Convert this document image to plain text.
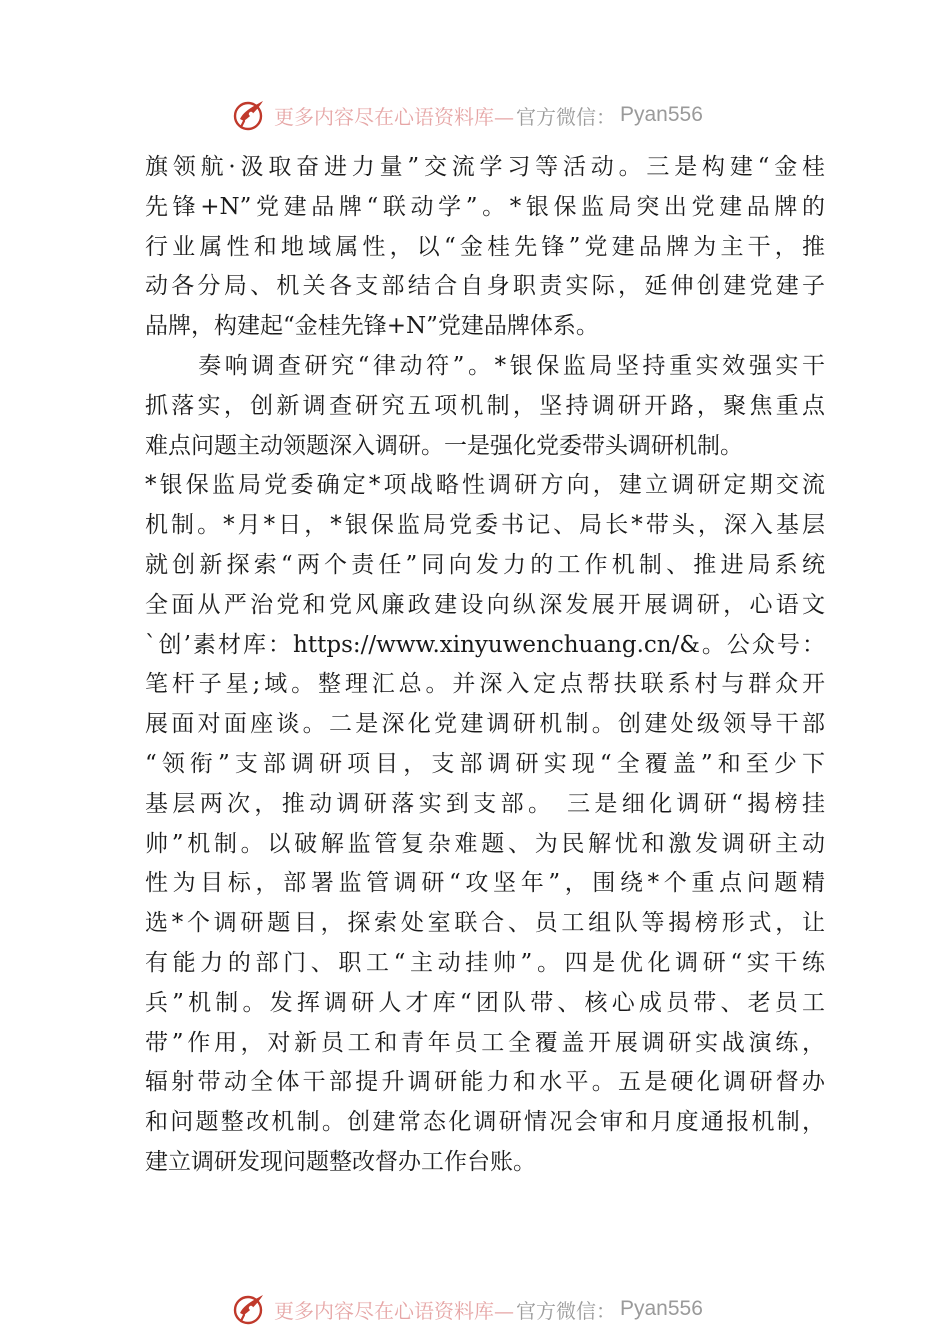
更多内容尽在心语资料库— 官方微信： Pyan556
旗领航·汲取奋进力量”交流学习等活动。三是构建“金桂
先锋+N”党建品牌“联动学”。*银保监局突出党建品牌的
行业属性和地域属性，以“金桂先锋”党建品牌为主干，推
动各分局、机关各支部结合自身职责实际，延伸创建党建子
品牌，构建起“金桂先锋+N”党建品牌体系。
　　奏响调查研究“律动符”。*银保监局坚持重实效强实干
抓落实，创新调查研究五项机制，坚持调研开路，聚焦重点
难点问题主动领题深入调研。一是强化党委带头调研机制。
*银保监局党委确定*项战略性调研方向，建立调研定期交流
机制。*月*日，*银保监局党委书记、局长*带头，深入基层
就创新探索“两个责任”同向发力的工作机制、推进局系统
全面从严治党和党风廉政建设向纵深发展开展调研，心语文
`创’素材库：https://www.xinyuwenchuang.cn/&。公众号：
笔杆子星;域。整理汇总。并深入定点帮扶联系村与群众开
展面对面座谈。二是深化党建调研机制。创建处级领导干部
“领衔”支部调研项目，支部调研实现“全覆盖”和至少下
基层两次，推动调研落实到支部。 三是细化调研“揭榜挂
帅”机制。以破解监管复杂难题、为民解忧和激发调研主动
性为目标，部署监管调研“攻坚年”，围绕*个重点问题精
选*个调研题目，探索处室联合、员工组队等揭榜形式，让
有能力的部门、职工“主动挂帅”。四是优化调研“实干练
兵”机制。发挥调研人才库“团队带、核心成员带、老员工
带”作用，对新员工和青年员工全覆盖开展调研实战演练，
辐射带动全体干部提升调研能力和水平。五是硬化调研督办
和问题整改机制。创建常态化调研情况会审和月度通报机制，
建立调研发现问题整改督办工作台账。
更多内容尽在心语资料库— 官方微信： Pyan556
